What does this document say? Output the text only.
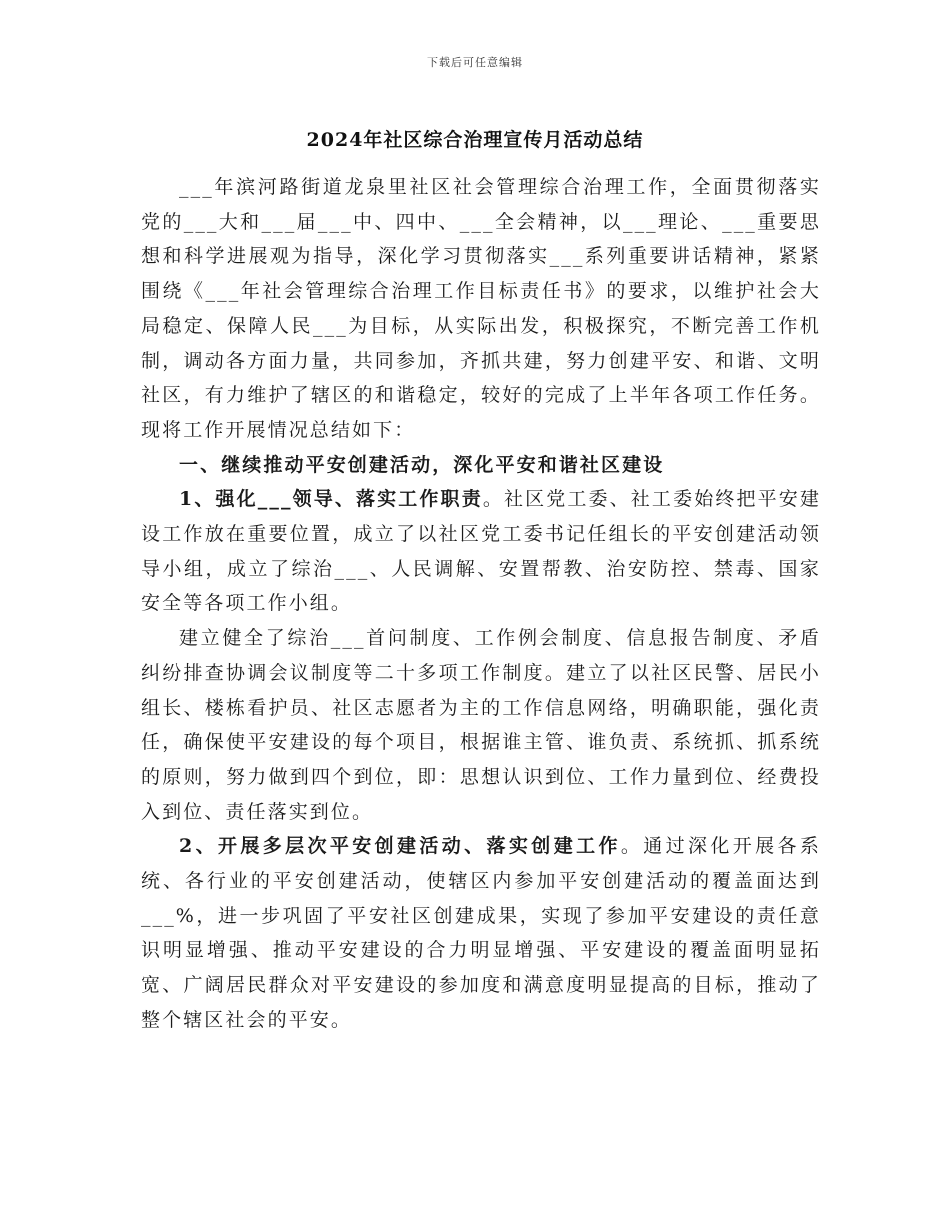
下载后可任意编辑
2024年社区综合治理宣传月活动总结

___年滨河路街道龙泉里社区社会管理综合治理工作，全面贯彻落实党的___大和___届___中、四中、___全会精神，以___理论、___重要思想和科学进展观为指导，深化学习贯彻落实___系列重要讲话精神，紧紧围绕《___年社会管理综合治理工作目标责任书》的要求，以维护社会大局稳定、保障人民___为目标，从实际出发，积极探究，不断完善工作机制，调动各方面力量，共同参加，齐抓共建，努力创建平安、和谐、文明社区，有力维护了辖区的和谐稳定，较好的完成了上半年各项工作任务。现将工作开展情况总结如下：

一、继续推动平安创建活动，深化平安和谐社区建设

1、强化___领导、落实工作职责。社区党工委、社工委始终把平安建设工作放在重要位置，成立了以社区党工委书记任组长的平安创建活动领导小组，成立了综治___、人民调解、安置帮教、治安防控、禁毒、国家安全等各项工作小组。

建立健全了综治___首问制度、工作例会制度、信息报告制度、矛盾纠纷排查协调会议制度等二十多项工作制度。建立了以社区民警、居民小组长、楼栋看护员、社区志愿者为主的工作信息网络，明确职能，强化责任，确保使平安建设的每个项目，根据谁主管、谁负责、系统抓、抓系统的原则，努力做到四个到位，即：思想认识到位、工作力量到位、经费投入到位、责任落实到位。

2、开展多层次平安创建活动、落实创建工作。通过深化开展各系统、各行业的平安创建活动，使辖区内参加平安创建活动的覆盖面达到___%，进一步巩固了平安社区创建成果，实现了参加平安建设的责任意识明显增强、推动平安建设的合力明显增强、平安建设的覆盖面明显拓宽、广阔居民群众对平安建设的参加度和满意度明显提高的目标，推动了整个辖区社会的平安。
